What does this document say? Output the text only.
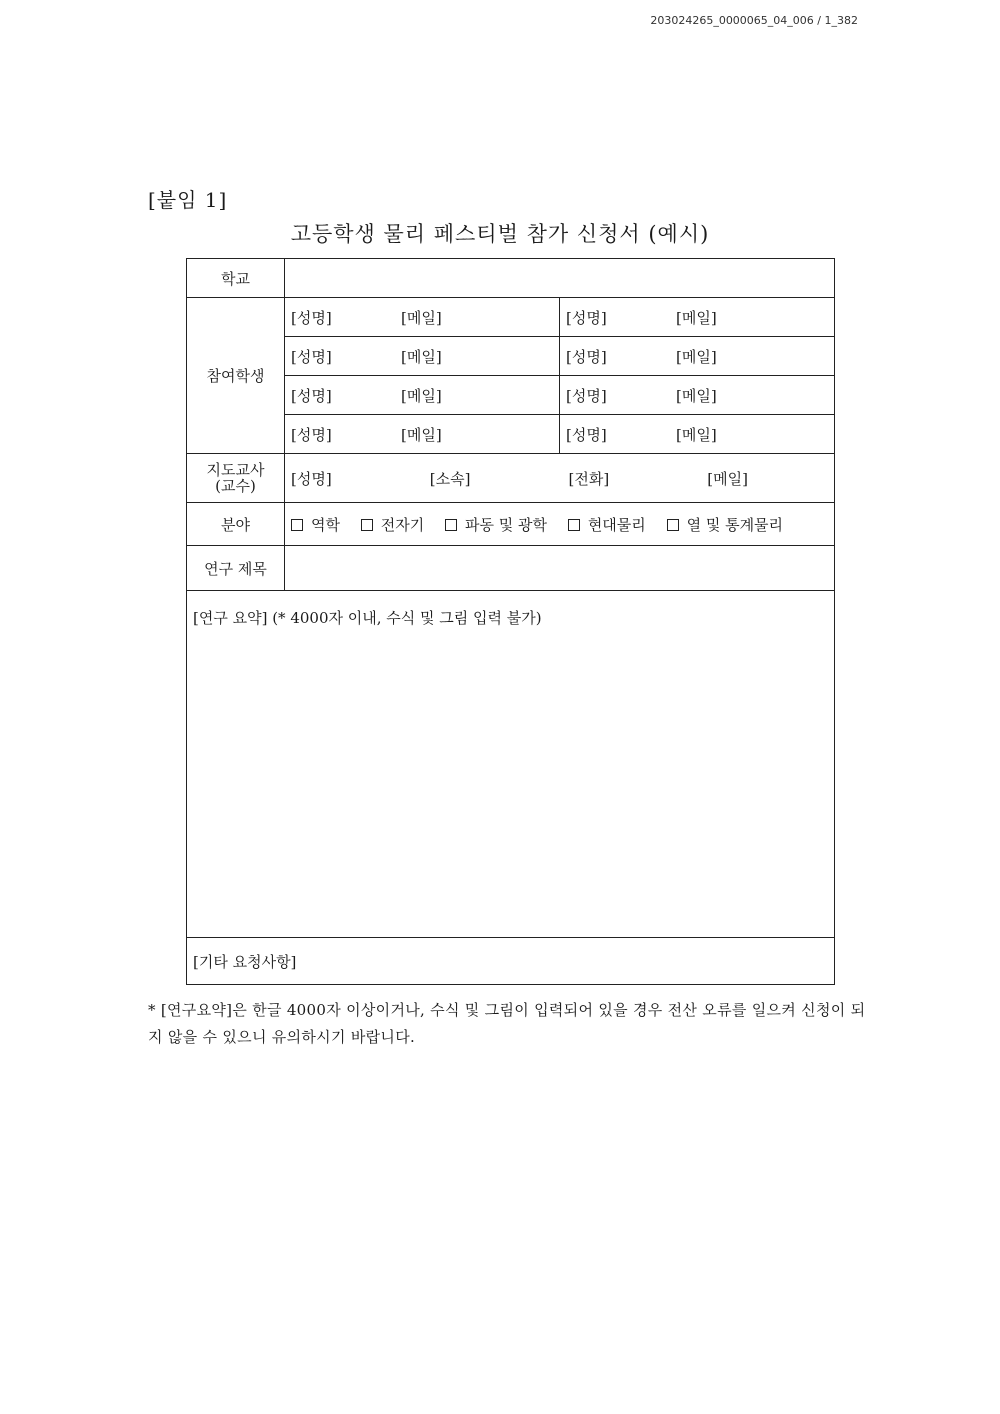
203024265_0000065_04_006 / 1_382
[붙임 1]
고등학생 물리 페스티벌 참가 신청서 (예시)
학교		
참여학생	[성명] [메일]	[성명] [메일]

	[성명] [메일]	[성명] [메일]

	[성명] [메일]	[성명] [메일]

	[성명] [메일]	[성명] [메일]

지도교사
(교수)	[성명] [소속] [전화] [메일]	

분야	역학 전자기 파동 및 광학 현대물리 열 및 통계물리	
연구 제목		
[연구 요약] (* 4000자 이내, 수식 및 그림 입력 불가)		
[기타 요청사항]		
* [연구요약]은 한글 4000자 이상이거나, 수식 및 그림이 입력되어 있을 경우 전산 오류를 일으켜 신청이 되지 않을 수 있으니 유의하시기 바랍니다.
